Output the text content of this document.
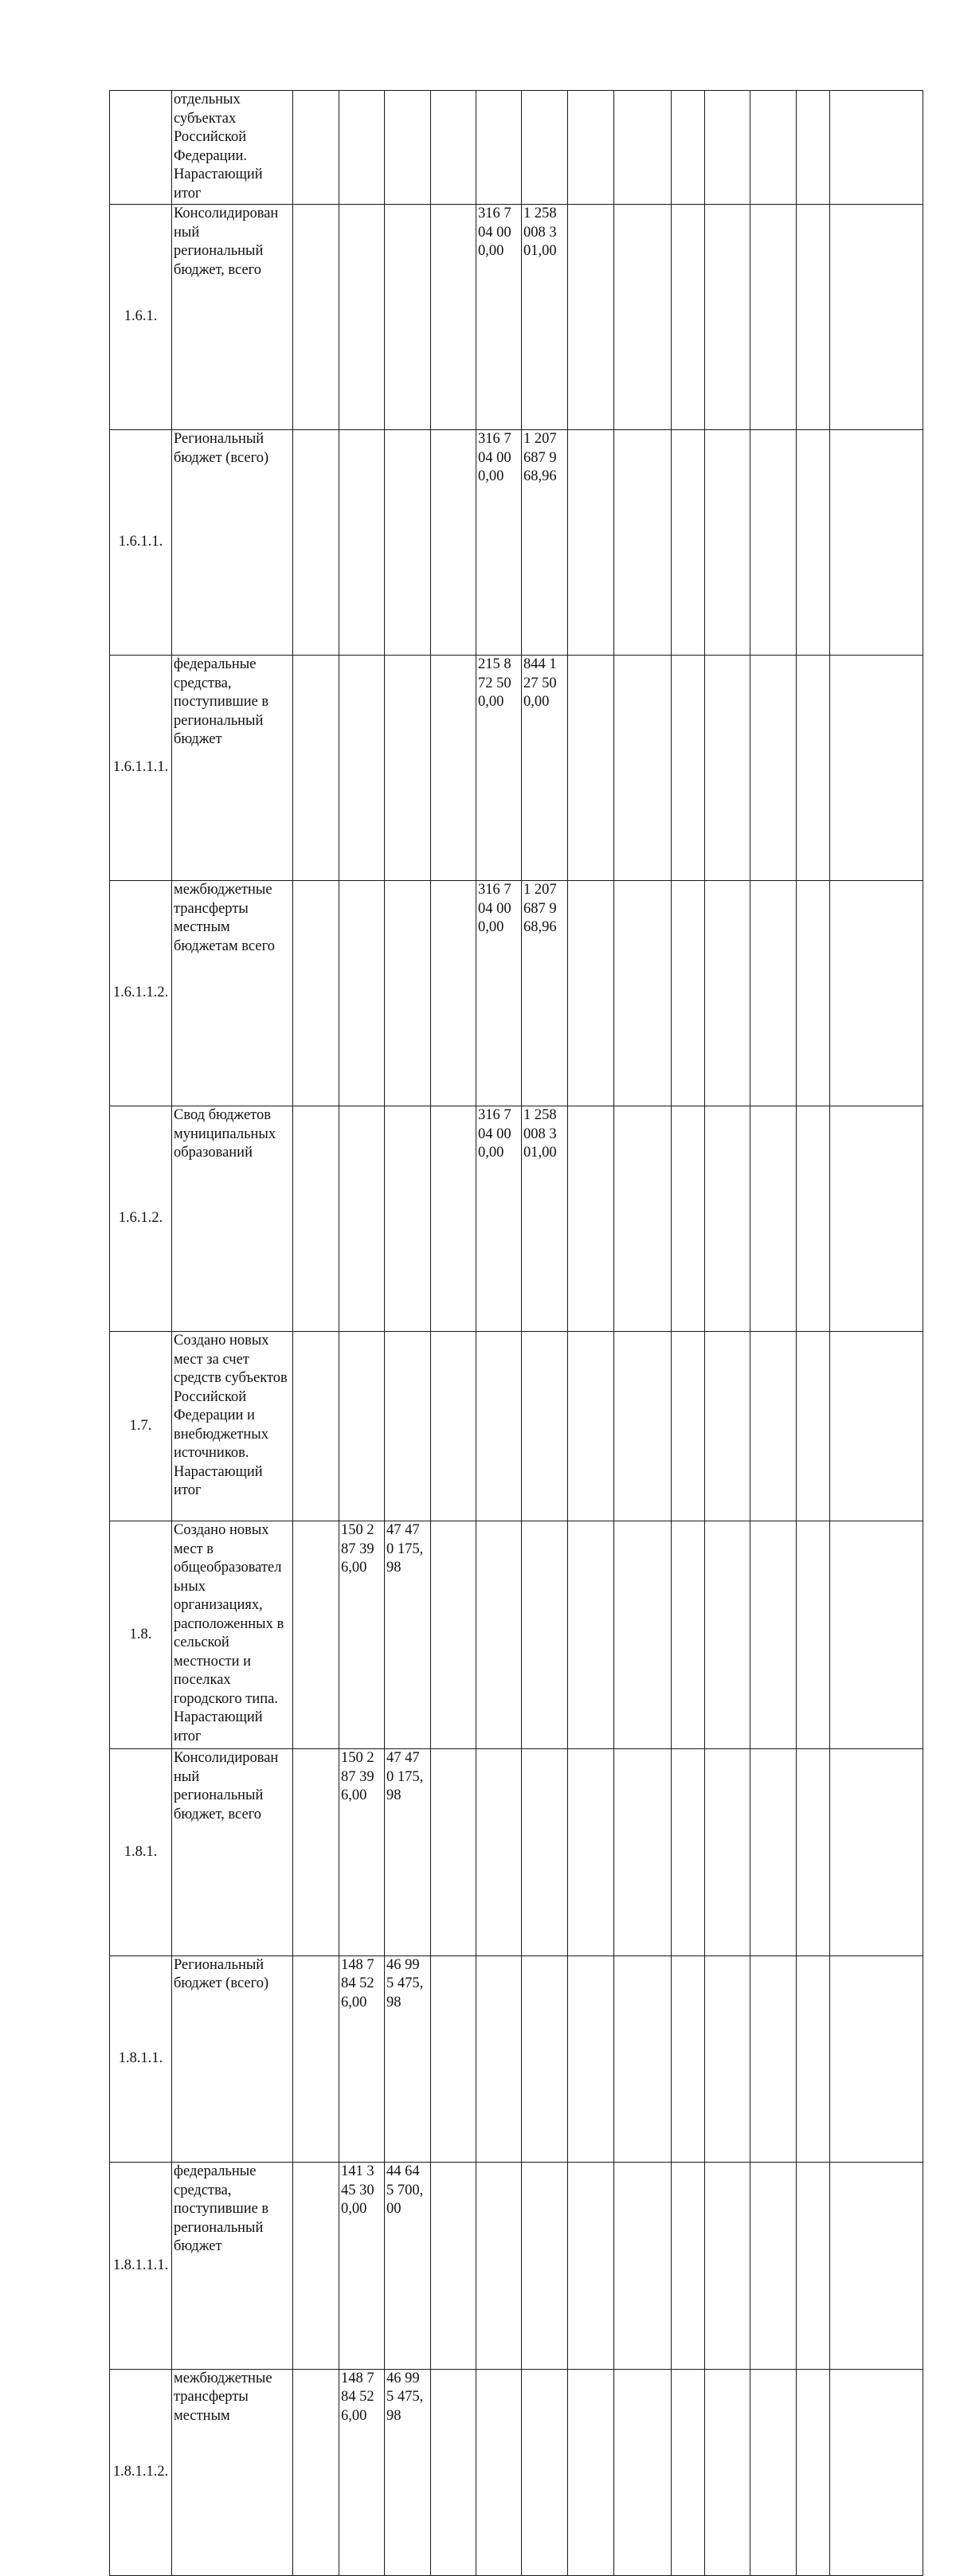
	отдельных субъектах Российской Федерации. Нарастающий итог														
1.6.1.	Консолидирован ный региональный бюджет, всего					316 7 04 00 0,00	1 258 008 3 01,00								
1.6.1.1.	Региональный бюджет (всего)					316 7 04 00 0,00	1 207 687 9 68,96								
1.6.1.1.1.	федеральные средства, поступившие в региональный бюджет					215 8 72 50 0,00	844 1 27 50 0,00								
1.6.1.1.2.	межбюджетные трансферты местным бюджетам всего					316 7 04 00 0,00	1 207 687 9 68,96								
1.6.1.2.	Свод бюджетов муниципальных образований					316 7 04 00 0,00	1 258 008 3 01,00								
1.7.	Создано новых мест за счет средств субъектов Российской Федерации и внебюджетных источников. Нарастающий итог														
1.8.	Создано новых мест в общеобразовател ьных организациях, расположенных в сельской местности и поселках городского типа. Нарастающий итог		150 2 87 39 6,00	47 47 0 175, 98											
1.8.1.	Консолидирован ный региональный бюджет, всего		150 2 87 39 6,00	47 47 0 175, 98											
1.8.1.1.	Региональный бюджет (всего)		148 7 84 52 6,00	46 99 5 475, 98											
1.8.1.1.1.	федеральные средства, поступившие в региональный бюджет		141 3 45 30 0,00	44 64 5 700, 00											
1.8.1.1.2.	межбюджетные трансферты местным		148 7 84 52 6,00	46 99 5 475, 98											
